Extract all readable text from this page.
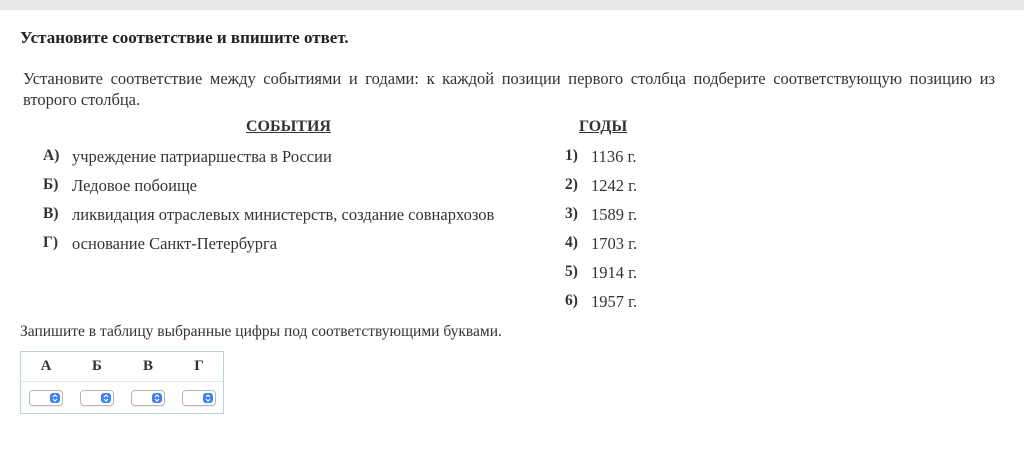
Установите соответствие и впишите ответ.
Установите соответствие между событиями и годами: к каждой позиции первого столбца подберите соответствующую позицию из второго столбца.
СОБЫТИЯ	ГОДЫ
А) учреждение патриаршества в России
Б) Ледовое побоище
В) ликвидация отраслевых министерств, создание совнархозов
Г) основание Санкт-Петербурга
1) 1136 г.
2) 1242 г.
3) 1589 г.
4) 1703 г.
5) 1914 г.
6) 1957 г.
Запишите в таблицу выбранные цифры под соответствующими буквами.
А	Б	В	Г
